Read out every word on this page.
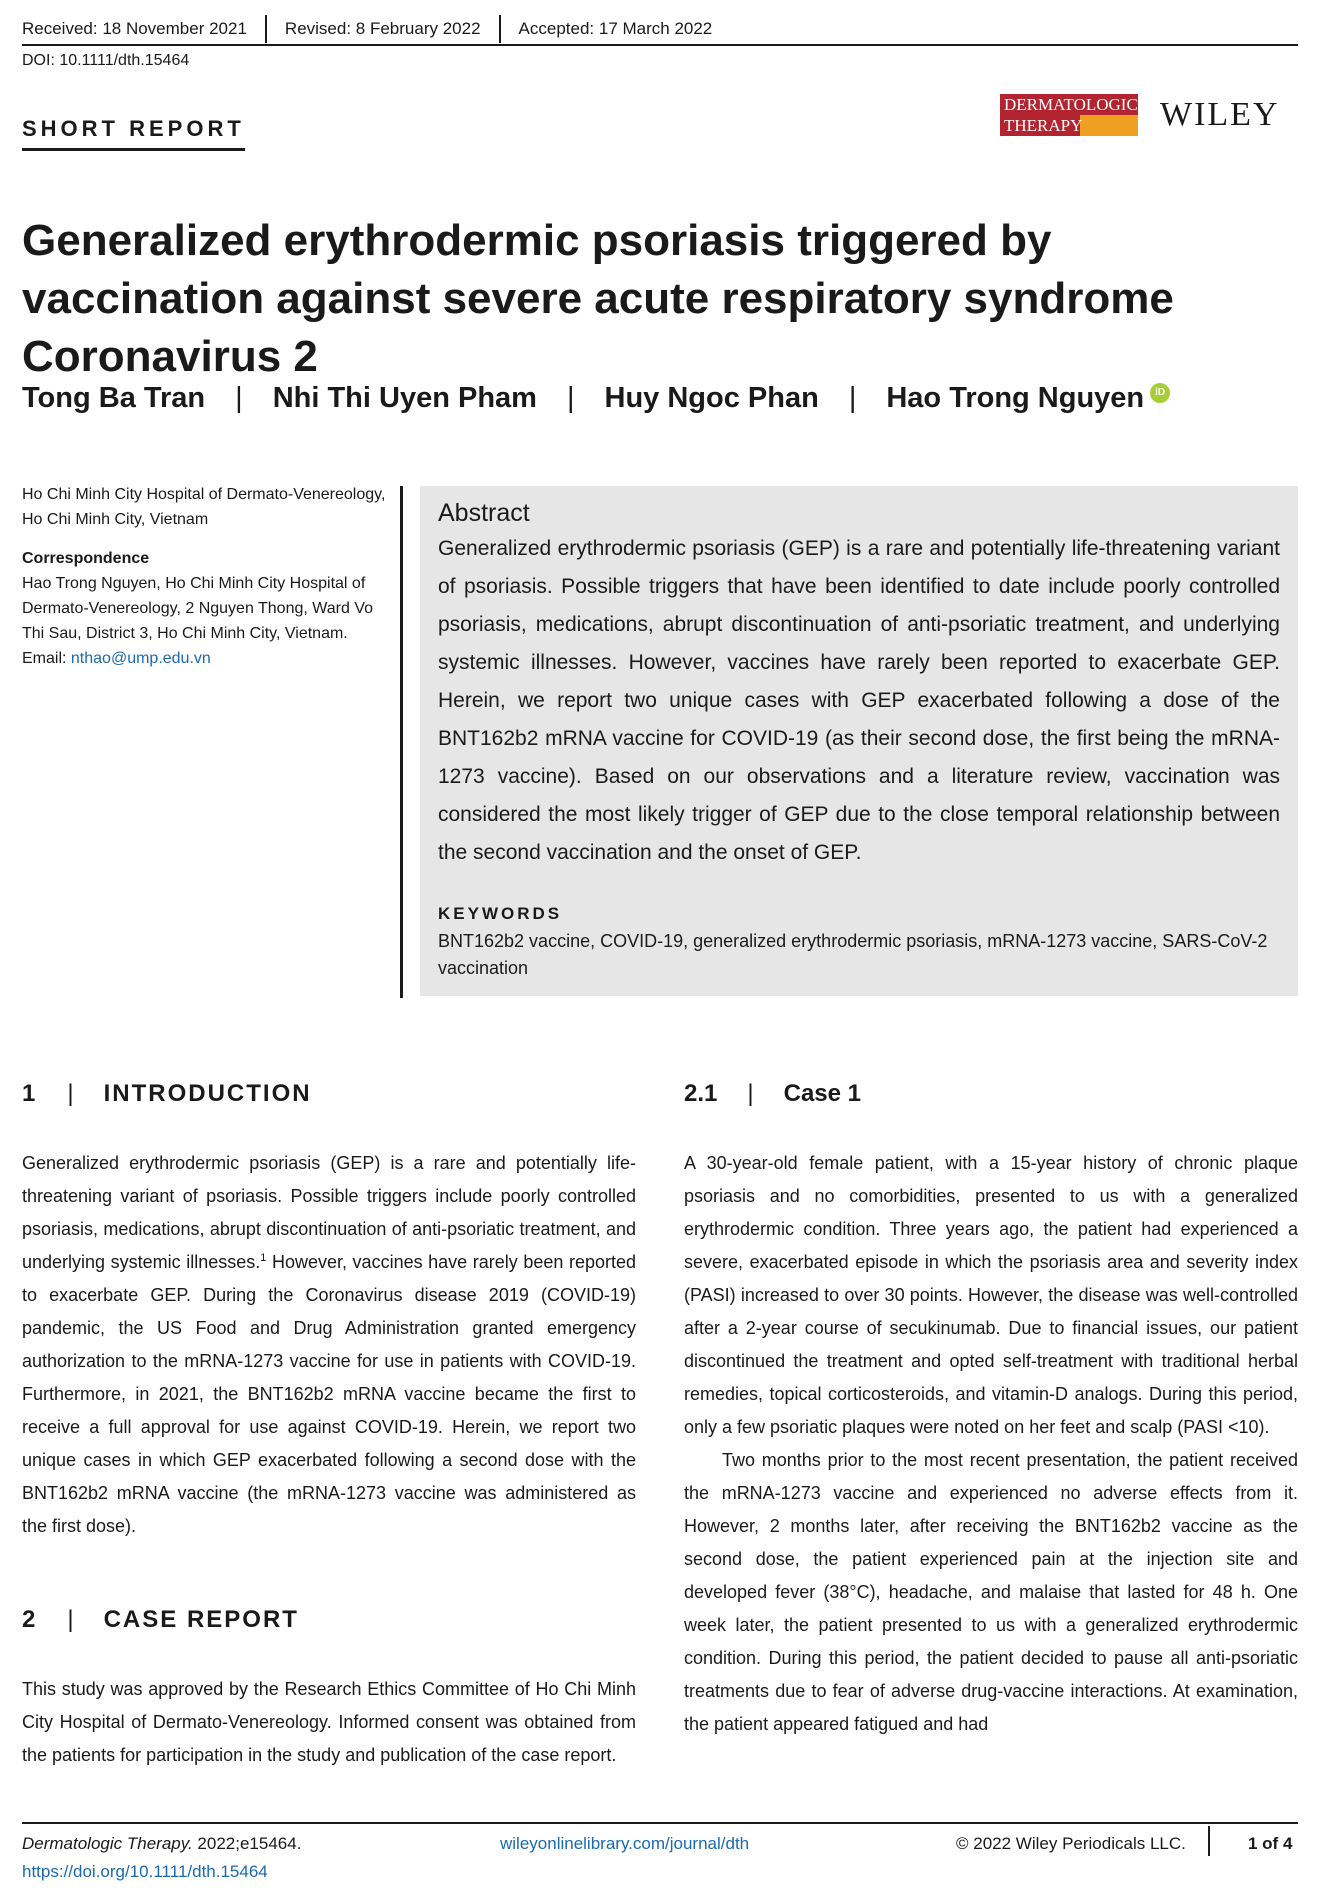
Received: 18 November 2021	Revised: 8 February 2022	Accepted: 17 March 2022
DOI: 10.1111/dth.15464
SHORT REPORT
DERMATOLOGIC
THERAPY	WILEY
Generalized erythrodermic psoriasis triggered by vaccination against severe acute respiratory syndrome Coronavirus 2
Tong Ba Tran | Nhi Thi Uyen Pham | Huy Ngoc Phan | Hao Trong Nguyen	iD
Ho Chi Minh City Hospital of Dermato-Venereology, Ho Chi Minh City, Vietnam
Correspondence
Hao Trong Nguyen, Ho Chi Minh City Hospital of Dermato-Venereology, 2 Nguyen Thong, Ward Vo Thi Sau, District 3, Ho Chi Minh City, Vietnam.
Email: nthao@ump.edu.vn
Abstract
Generalized erythrodermic psoriasis (GEP) is a rare and potentially life-threatening variant of psoriasis. Possible triggers that have been identified to date include poorly controlled psoriasis, medications, abrupt discontinuation of anti-psoriatic treatment, and underlying systemic illnesses. However, vaccines have rarely been reported to exacerbate GEP. Herein, we report two unique cases with GEP exacerbated following a dose of the BNT162b2 mRNA vaccine for COVID-19 (as their second dose, the first being the mRNA-1273 vaccine). Based on our observations and a literature review, vaccination was considered the most likely trigger of GEP due to the close temporal relationship between the second vaccination and the onset of GEP.
KEYWORDS
BNT162b2 vaccine, COVID-19, generalized erythrodermic psoriasis, mRNA-1273 vaccine, SARS-CoV-2 vaccination
1 | INTRODUCTION

Generalized erythrodermic psoriasis (GEP) is a rare and potentially life-threatening variant of psoriasis. Possible triggers include poorly controlled psoriasis, medications, abrupt discontinuation of anti-psoriatic treatment, and underlying systemic illnesses.$^1$ However, vaccines have rarely been reported to exacerbate GEP. During the Coronavirus disease 2019 (COVID-19) pandemic, the US Food and Drug Administration granted emergency authorization to the mRNA-1273 vaccine for use in patients with COVID-19. Furthermore, in 2021, the BNT162b2 mRNA vaccine became the first to receive a full approval for use against COVID-19. Herein, we report two unique cases in which GEP exacerbated following a second dose with the BNT162b2 mRNA vaccine (the mRNA-1273 vaccine was administered as the first dose).

2 | CASE REPORT

This study was approved by the Research Ethics Committee of Ho Chi Minh City Hospital of Dermato-Venereology. Informed consent was obtained from the patients for participation in the study and publication of the case report.

2.1 | Case 1

A 30-year-old female patient, with a 15-year history of chronic plaque psoriasis and no comorbidities, presented to us with a generalized erythrodermic condition. Three years ago, the patient had experienced a severe, exacerbated episode in which the psoriasis area and severity index (PASI) increased to over 30 points. However, the disease was well-controlled after a 2-year course of secukinumab. Due to financial issues, our patient discontinued the treatment and opted self-treatment with traditional herbal remedies, topical corticosteroids, and vitamin-D analogs. During this period, only a few psoriatic plaques were noted on her feet and scalp (PASI <10).

Two months prior to the most recent presentation, the patient received the mRNA-1273 vaccine and experienced no adverse effects from it. However, 2 months later, after receiving the BNT162b2 vaccine as the second dose, the patient experienced pain at the injection site and developed fever (38°C), headache, and malaise that lasted for 48 h. One week later, the patient presented to us with a generalized erythrodermic condition. During this period, the patient decided to pause all anti-psoriatic treatments due to fear of adverse drug-vaccine interactions. At examination, the patient appeared fatigued and had

Dermatologic Therapy. 2022;e15464.
https://doi.org/10.1111/dth.15464
wileyonlinelibrary.com/journal/dth	© 2022 Wiley Periodicals LLC.	1 of 4
